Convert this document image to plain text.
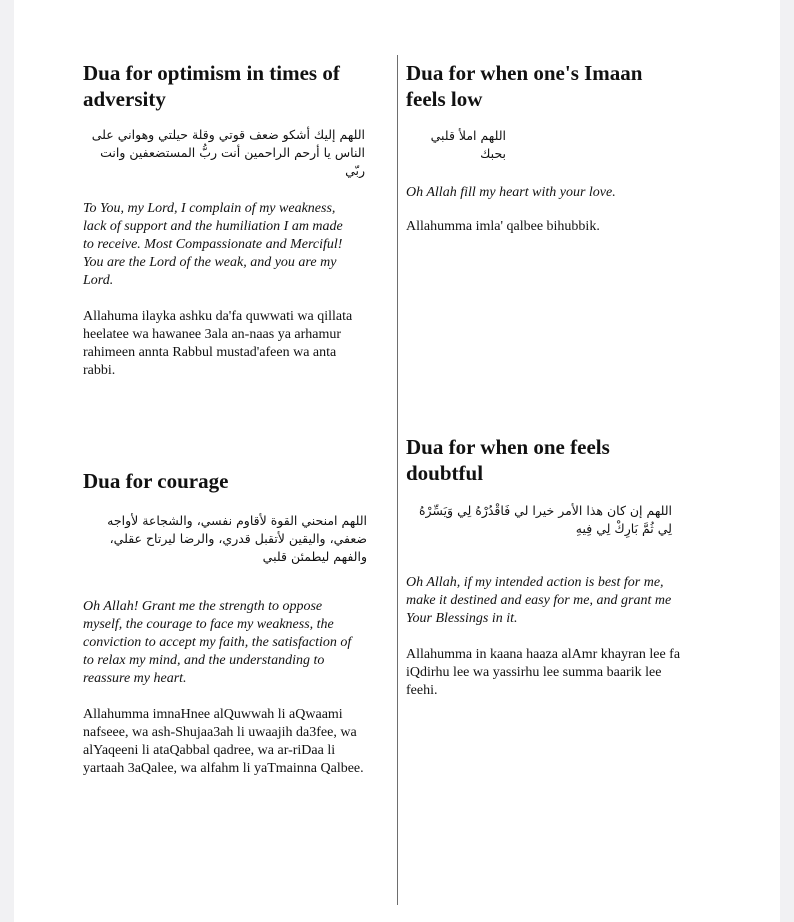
Dua for optimism in times of adversity

اللهم إليك أشكو ضعف قوتي وقلة حيلتي وهواني على الناس يا أرحم الراحمين أنت ربُّ المستضعفين وانت ربّي

To You, my Lord, I complain of my weakness, lack of support and the humiliation I am made to receive. Most Compassionate and Merciful! You are the Lord of the weak, and you are my Lord.

Allahuma ilayka ashku da'fa quwwati wa qillata heelatee wa hawanee 3ala an-naas ya arhamur rahimeen annta Rabbul mustad'afeen wa anta rabbi.

Dua for courage

اللهم امنحني القوة لأقاوم نفسي، والشجاعة لأواجه ضعفي، واليقين لأتقبل قدري، والرضا ليرتاح عقلي، والفهم ليطمئن قلبي

Oh Allah! Grant me the strength to oppose myself, the courage to face my weakness, the conviction to accept my faith, the satisfaction of to relax my mind, and the understanding to reassure my heart.

Allahumma imnaHnee alQuwwah li aQwaami nafseee, wa ash-Shujaa3ah li uwaajih da3fee, wa alYaqeeni li ataQabbal qadree, wa ar-riDaa li yartaah 3aQalee, wa alfahm li yaTmainna Qalbee.

Dua for when one's Imaan feels low

اللهم املأ قلبي بحبك

Oh Allah fill my heart with your love.

Allahumma imla' qalbee bihubbik.

Dua for when one feels doubtful

اللهم إن كان هذا الأمر خيرا لي فَاقْدُرْهُ لِي وَيَسِّرْهُ لِي ثُمَّ بَارِكْ لِي فِيهِ

Oh Allah, if my intended action is best for me, make it destined and easy for me, and grant me Your Blessings in it.

Allahumma in kaana haaza alAmr khayran lee fa iQdirhu lee wa yassirhu lee summa baarik lee feehi.
